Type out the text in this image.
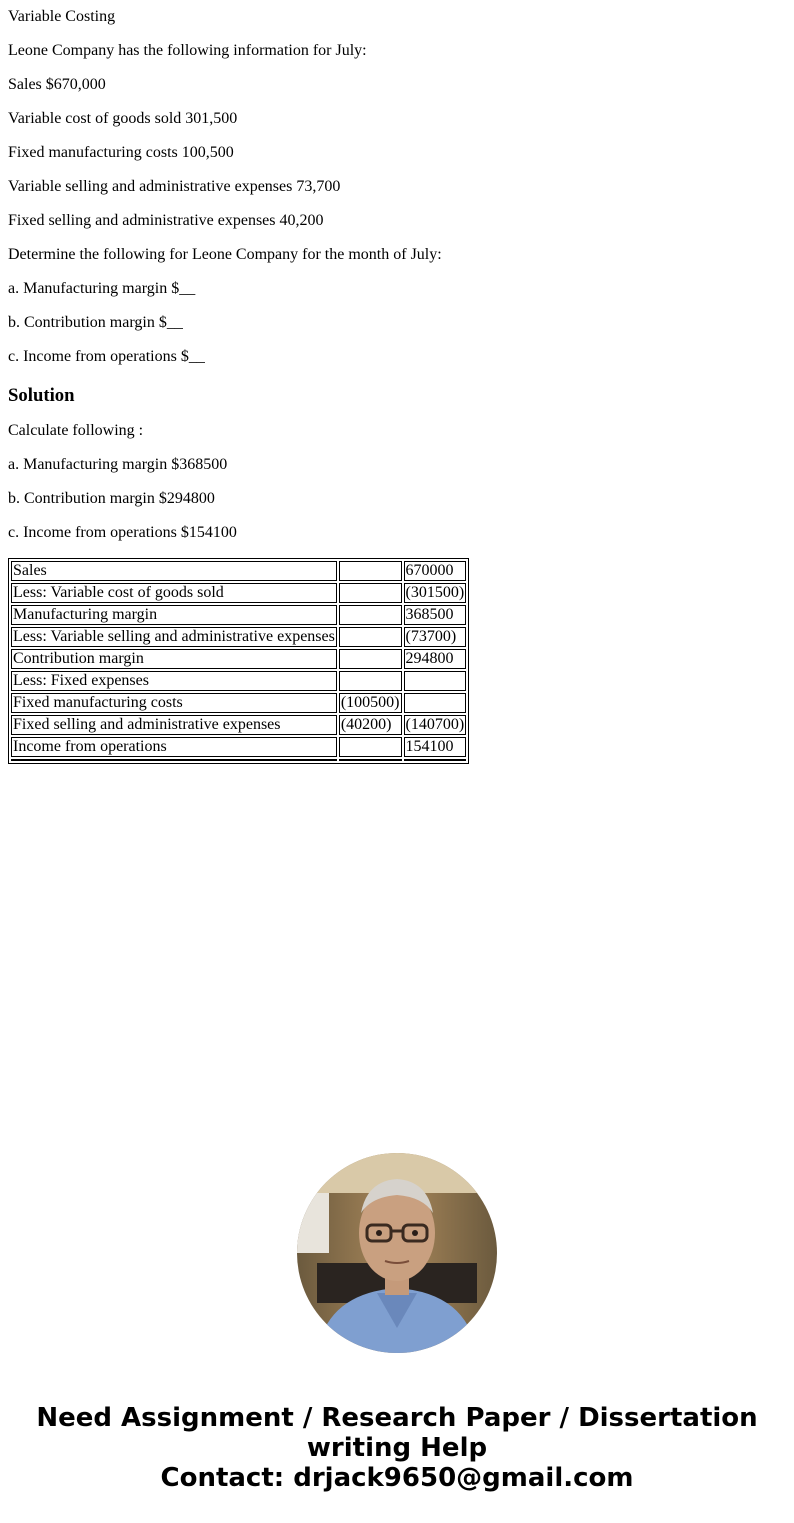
Variable Costing

Leone Company has the following information for July:

Sales $670,000

Variable cost of goods sold 301,500

Fixed manufacturing costs 100,500

Variable selling and administrative expenses 73,700

Fixed selling and administrative expenses 40,200

Determine the following for Leone Company for the month of July:

a. Manufacturing margin $__

b. Contribution margin $__

c. Income from operations $__

Solution

Calculate following :

a. Manufacturing margin $368500

b. Contribution margin $294800

c. Income from operations $154100

Sales		670000
Less: Variable cost of goods sold		(301500)
Manufacturing margin		368500
Less: Variable selling and administrative expenses		(73700)
Contribution margin		294800
Less: Fixed expenses		
Fixed manufacturing costs	(100500)	
Fixed selling and administrative expenses	(40200)	(140700)
Income from operations		154100

Need Assignment / Research Paper / Dissertation
writing Help
Contact: drjack9650@gmail.com
